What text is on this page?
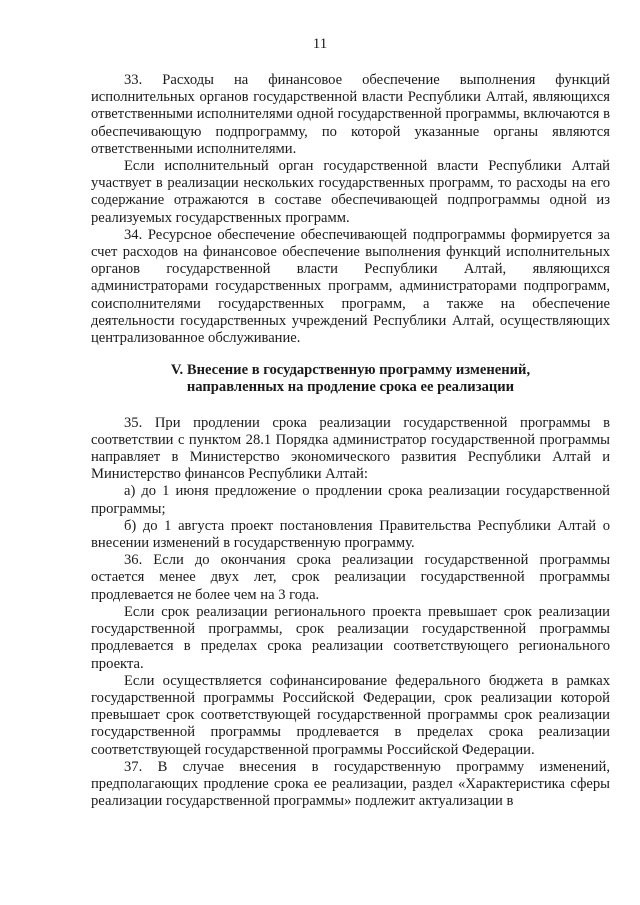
11

33. Расходы на финансовое обеспечение выполнения функций исполнительных органов государственной власти Республики Алтай, являющихся ответственными исполнителями одной государственной программы, включаются в обеспечивающую подпрограмму, по которой указанные органы являются ответственными исполнителями.

Если исполнительный орган государственной власти Республики Алтай участвует в реализации нескольких государственных программ, то расходы на его содержание отражаются в составе обеспечивающей подпрограммы одной из реализуемых государственных программ.

34. Ресурсное обеспечение обеспечивающей подпрограммы формируется за счет расходов на финансовое обеспечение выполнения функций исполнительных органов государственной власти Республики Алтай, являющихся администраторами государственных программ, администраторами подпрограмм, соисполнителями государственных программ, а также на обеспечение деятельности государственных учреждений Республики Алтай, осуществляющих централизованное обслуживание.

V. Внесение в государственную программу изменений,
направленных на продление срока ее реализации

35. При продлении срока реализации государственной программы в соответствии с пунктом 28.1 Порядка администратор государственной программы направляет в Министерство экономического развития Республики Алтай и Министерство финансов Республики Алтай:

а) до 1 июня предложение о продлении срока реализации государственной программы;

б) до 1 августа проект постановления Правительства Республики Алтай о внесении изменений в государственную программу.

36. Если до окончания срока реализации государственной программы остается менее двух лет, срок реализации государственной программы продлевается не более чем на 3 года.

Если срок реализации регионального проекта превышает срок реализации государственной программы, срок реализации государственной программы продлевается в пределах срока реализации соответствующего регионального проекта.

Если осуществляется софинансирование федерального бюджета в рамках государственной программы Российской Федерации, срок реализации которой превышает срок соответствующей государственной программы срок реализации государственной программы продлевается в пределах срока реализации соответствующей государственной программы Российской Федерации.

37. В случае внесения в государственную программу изменений, предполагающих продление срока ее реализации, раздел «Характеристика сферы реализации государственной программы» подлежит актуализации в
